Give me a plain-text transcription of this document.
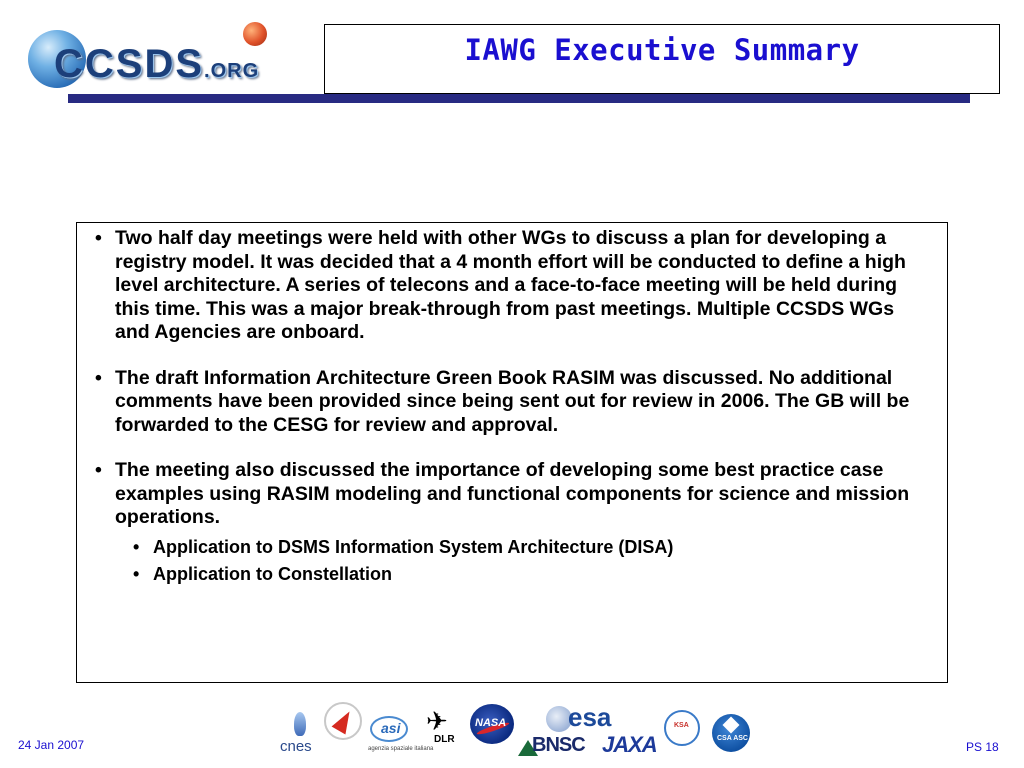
CCSDS.ORG
IAWG Executive Summary
• Two half day meetings were held with other WGs to discuss a plan for developing a registry model. It was decided that a 4 month effort will be conducted to define a high level architecture. A series of telecons and a face-to-face meeting will be held during this time. This was a major break-through from past meetings. Multiple CCSDS WGs and Agencies are onboard.
• The draft Information Architecture Green Book RASIM was discussed. No additional comments have been provided since being sent out for review in 2006. The GB will be forwarded to the CESG for review and approval.
• The meeting also discussed the importance of developing some best practice case examples using RASIM modeling and functional components for science and mission operations.
• Application to DSMS Information System Architecture (DISA)
• Application to Constellation
24 Jan 2007	PS 18
cnes
asi
agenzia spaziale italiana
✈
DLR
NASA esa
BNSC JAXA
KSA
CSA ASC
